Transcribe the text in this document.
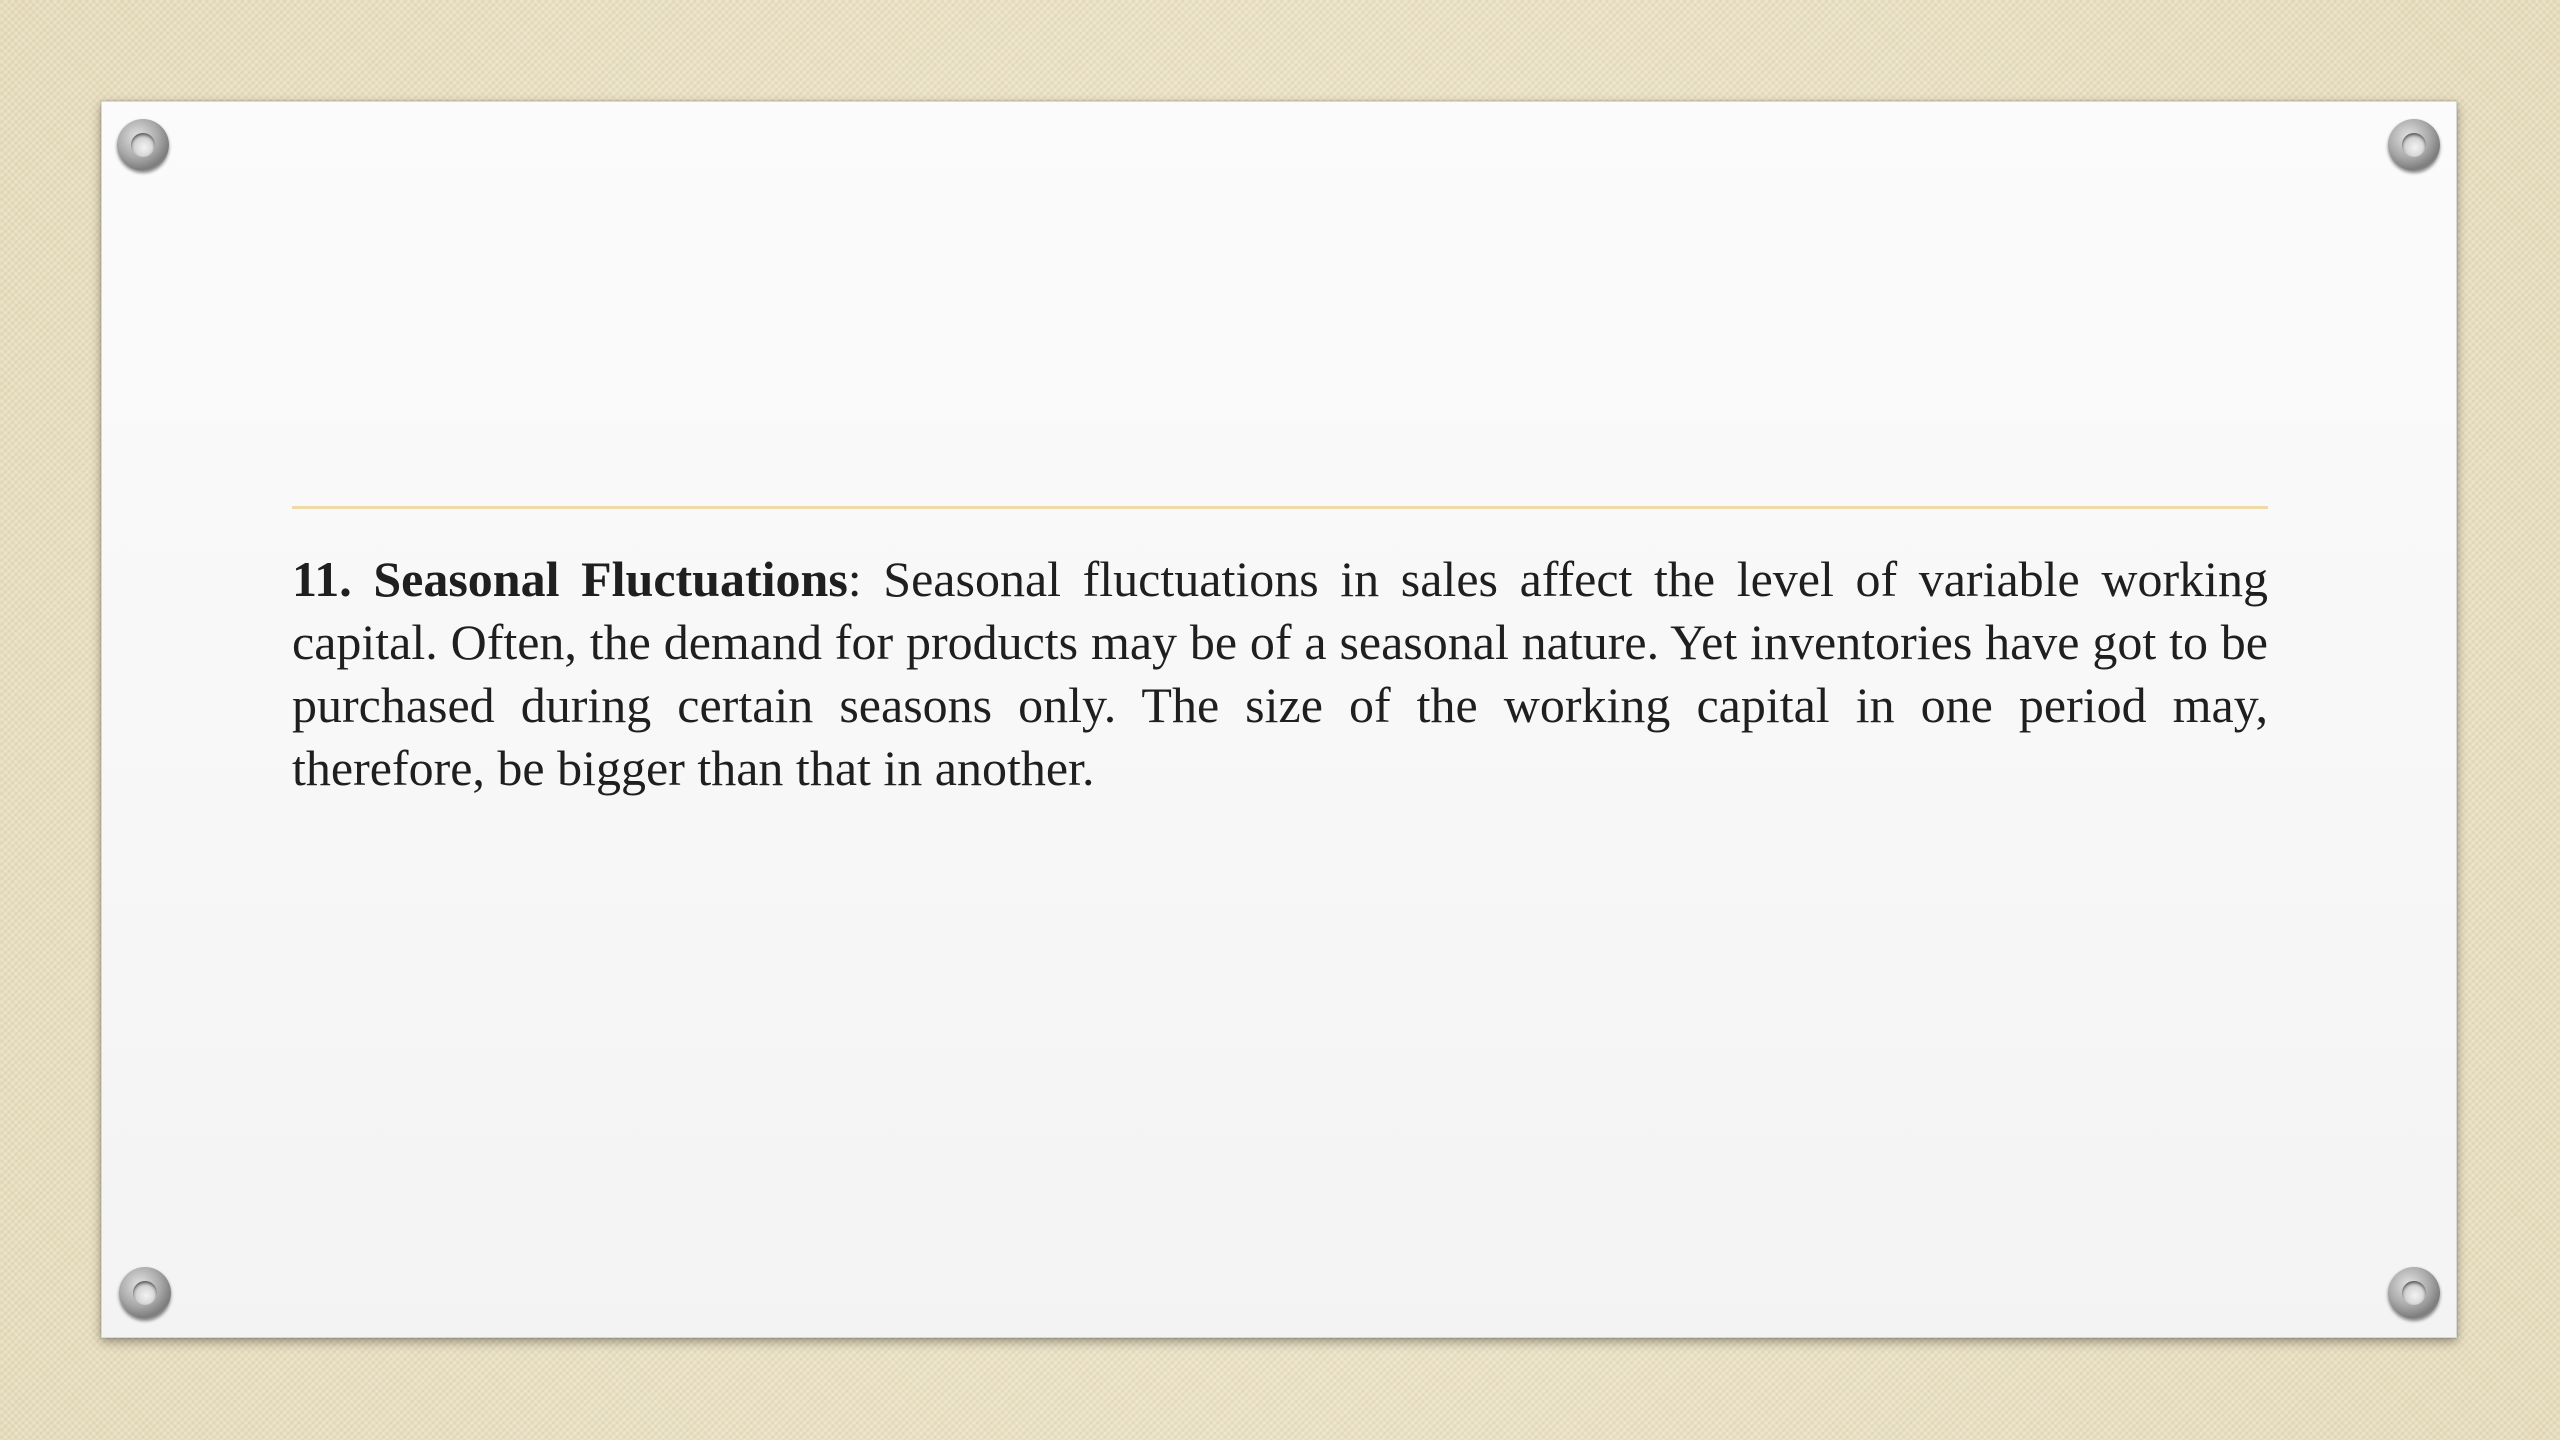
11. Seasonal Fluctuations: Seasonal fluctuations in sales affect the level of variable working capital. Often, the demand for products may be of a seasonal nature. Yet inventories have got to be purchased during certain seasons only. The size of the working capital in one period may, therefore, be bigger than that in another.
